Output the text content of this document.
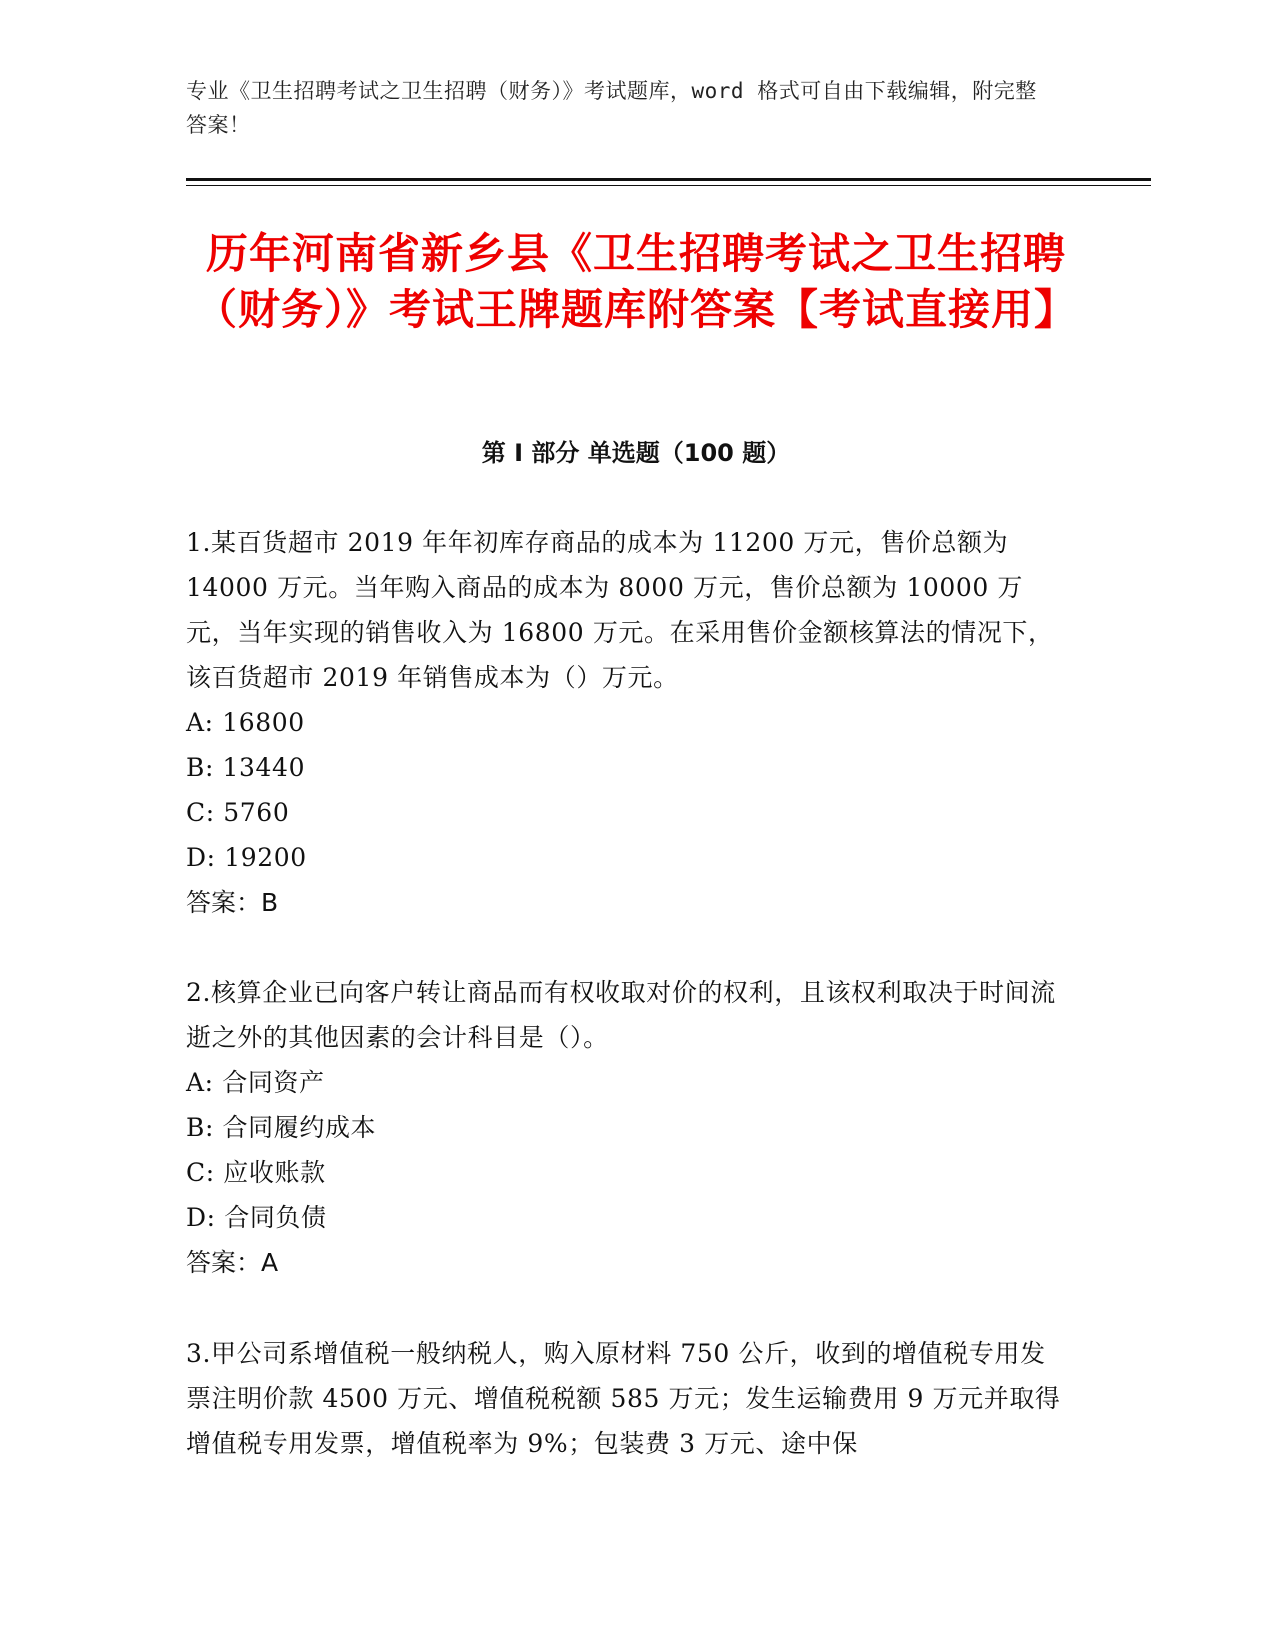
专业《卫生招聘考试之卫生招聘（财务）》考试题库，word 格式可自由下载编辑，附完整答案！
历年河南省新乡县《卫生招聘考试之卫生招聘（财务）》考试王牌题库附答案【考试直接用】
第 I 部分 单选题（100 题）

1.某百货超市 2019 年年初库存商品的成本为 11200 万元，售价总额为 14000 万元。当年购入商品的成本为 8000 万元，售价总额为 10000 万元，当年实现的销售收入为 16800 万元。在采用售价金额核算法的情况下，该百货超市 2019 年销售成本为（）万元。

A: 16800

B: 13440

C: 5760

D: 19200

答案：B

2.核算企业已向客户转让商品而有权收取对价的权利，且该权利取决于时间流逝之外的其他因素的会计科目是（）。

A: 合同资产

B: 合同履约成本

C: 应收账款

D: 合同负债

答案：A

3.甲公司系增值税一般纳税人，购入原材料 750 公斤，收到的增值税专用发票注明价款 4500 万元、增值税税额 585 万元；发生运输费用 9 万元并取得增值税专用发票，增值税率为 9%；包装费 3 万元、途中保
